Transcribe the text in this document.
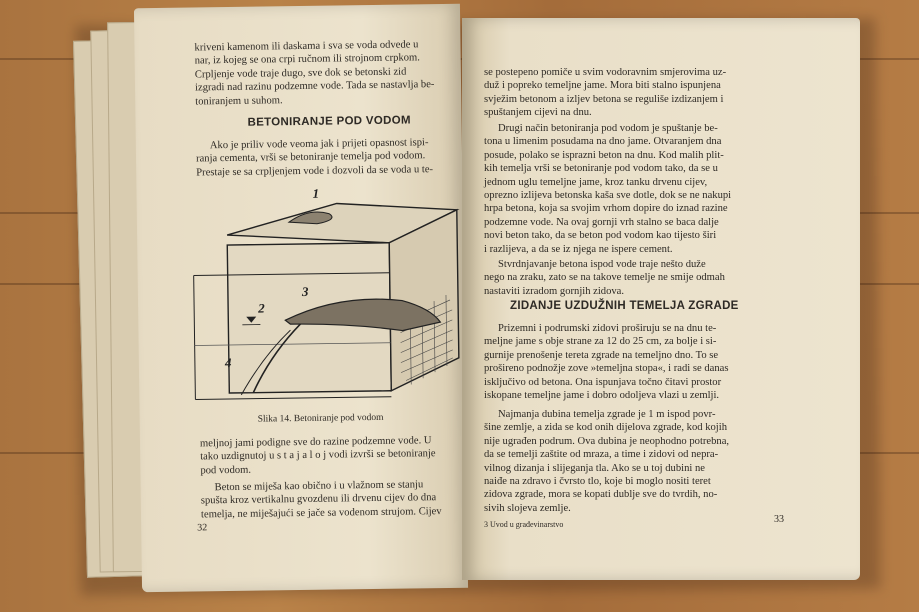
kriveni kamenom ili daskama i sva se voda odvede u
nar, iz kojeg se ona crpi ručnom ili strojnom crpkom.
Crpljenje vode traje dugo, sve dok se betonski zid
izgradi nad razinu podzemne vode. Tada se nastavlja be-
toniranjem u suhom.
BETONIRANJE POD VODOM
Ako je priliv vode veoma jak i prijeti opasnost ispi-
ranja cementa, vrši se betoniranje temelja pod vodom.
Prestaje se sa crpljenjem vode i dozvoli da se voda u te-
1
2
3
4
Slika 14. Betoniranje pod vodom
meljnoj jami podigne sve do razine podzemne vode. U
tako uzdignutoj u s t a j a l o j vodi izvrši se betoniranje
pod vodom.
Beton se miješa kao obično i u vlažnom se stanju
spušta kroz vertikalnu gvozdenu ili drvenu cijev do dna
temelja, ne miješajući se jače sa vodenom strujom. Cijev
32
se postepeno pomiče u svim vodoravnim smjerovima uz-
duž i popreko temeljne jame. Mora biti stalno ispunjena
svježim betonom a izljev betona se reguliše izdizanjem i
spuštanjem cijevi na dnu.
Drugi način betoniranja pod vodom je spuštanje be-
tona u limenim posudama na dno jame. Otvaranjem dna
posude, polako se isprazni beton na dnu. Kod malih plit-
kih temelja vrši se betoniranje pod vodom tako, da se u
jednom uglu temeljne jame, kroz tanku drvenu cijev,
oprezno izlijeva betonska kaša sve dotle, dok se ne nakupi
hrpa betona, koja sa svojim vrhom dopire do iznad razine
podzemne vode. Na ovaj gornji vrh stalno se baca dalje
novi beton tako, da se beton pod vodom kao tijesto širi
i razlijeva, a da se iz njega ne ispere cement.
Stvrdnjavanje betona ispod vode traje nešto duže
nego na zraku, zato se na takove temelje ne smije odmah
nastaviti izradom gornjih zidova.
ZIDANJE UZDUŽNIH TEMELJA ZGRADE
Prizemni i podrumski zidovi proširuju se na dnu te-
meljne jame s obje strane za 12 do 25 cm, za bolje i si-
gurnije prenošenje tereta zgrade na temeljno dno. To se
prošireno podnožje zove »temeljna stopa«, i radi se danas
isključivo od betona. Ona ispunjava točno čitavi prostor
iskopane temeljne jame i dobro odoljeva vlazi u zemlji.
Najmanja dubina temelja zgrade je 1 m ispod povr-
šine zemlje, a zida se kod onih dijelova zgrade, kod kojih
nije ugrađen podrum. Ova dubina je neophodno potrebna,
da se temelji zaštite od mraza, a time i zidovi od nepra-
vilnog dizanja i slijeganja tla. Ako se u toj dubini ne
naiđe na zdravo i čvrsto tlo, koje bi moglo nositi teret
zidova zgrade, mora se kopati dublje sve do tvrdih, no-
sivih slojeva zemlje.
3 Uvod u građevinarstvo	33
